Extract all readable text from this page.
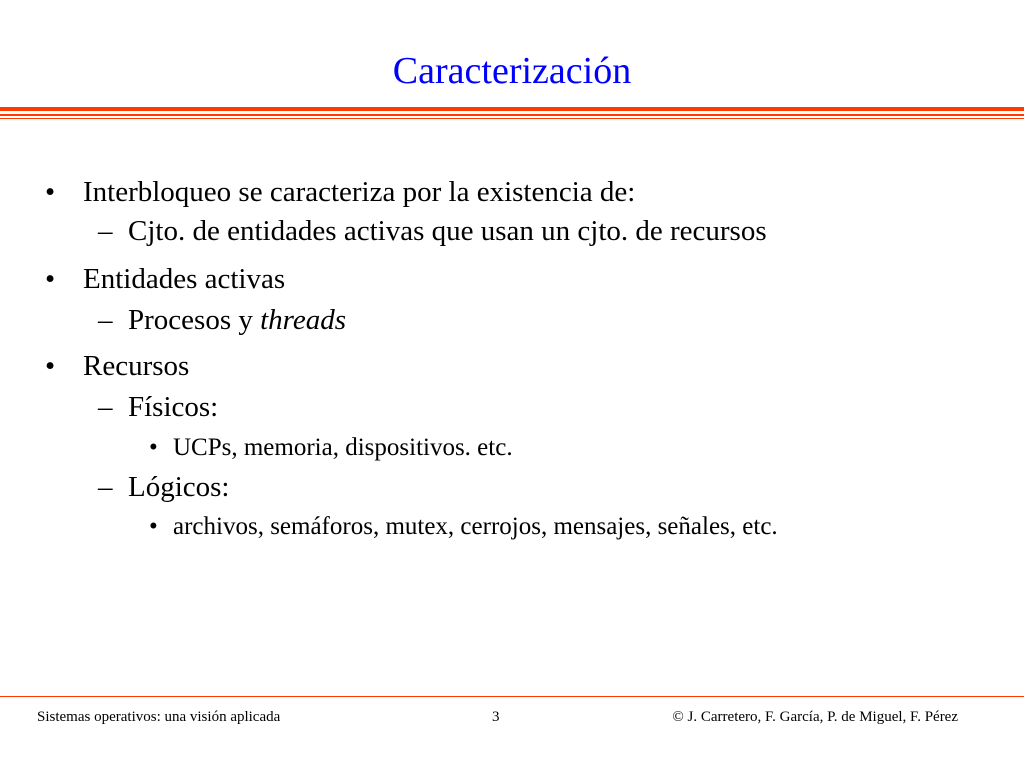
Caracterización
• Interbloqueo se caracteriza por la existencia de:
– Cjto. de entidades activas que usan un cjto. de recursos
• Entidades activas
– Procesos y threads
• Recursos
– Físicos:
• UCPs, memoria, dispositivos. etc.
– Lógicos:
• archivos, semáforos, mutex, cerrojos, mensajes, señales, etc.
Sistemas operativos: una visión aplicada	3	© J. Carretero, F. García, P. de Miguel, F. Pérez
